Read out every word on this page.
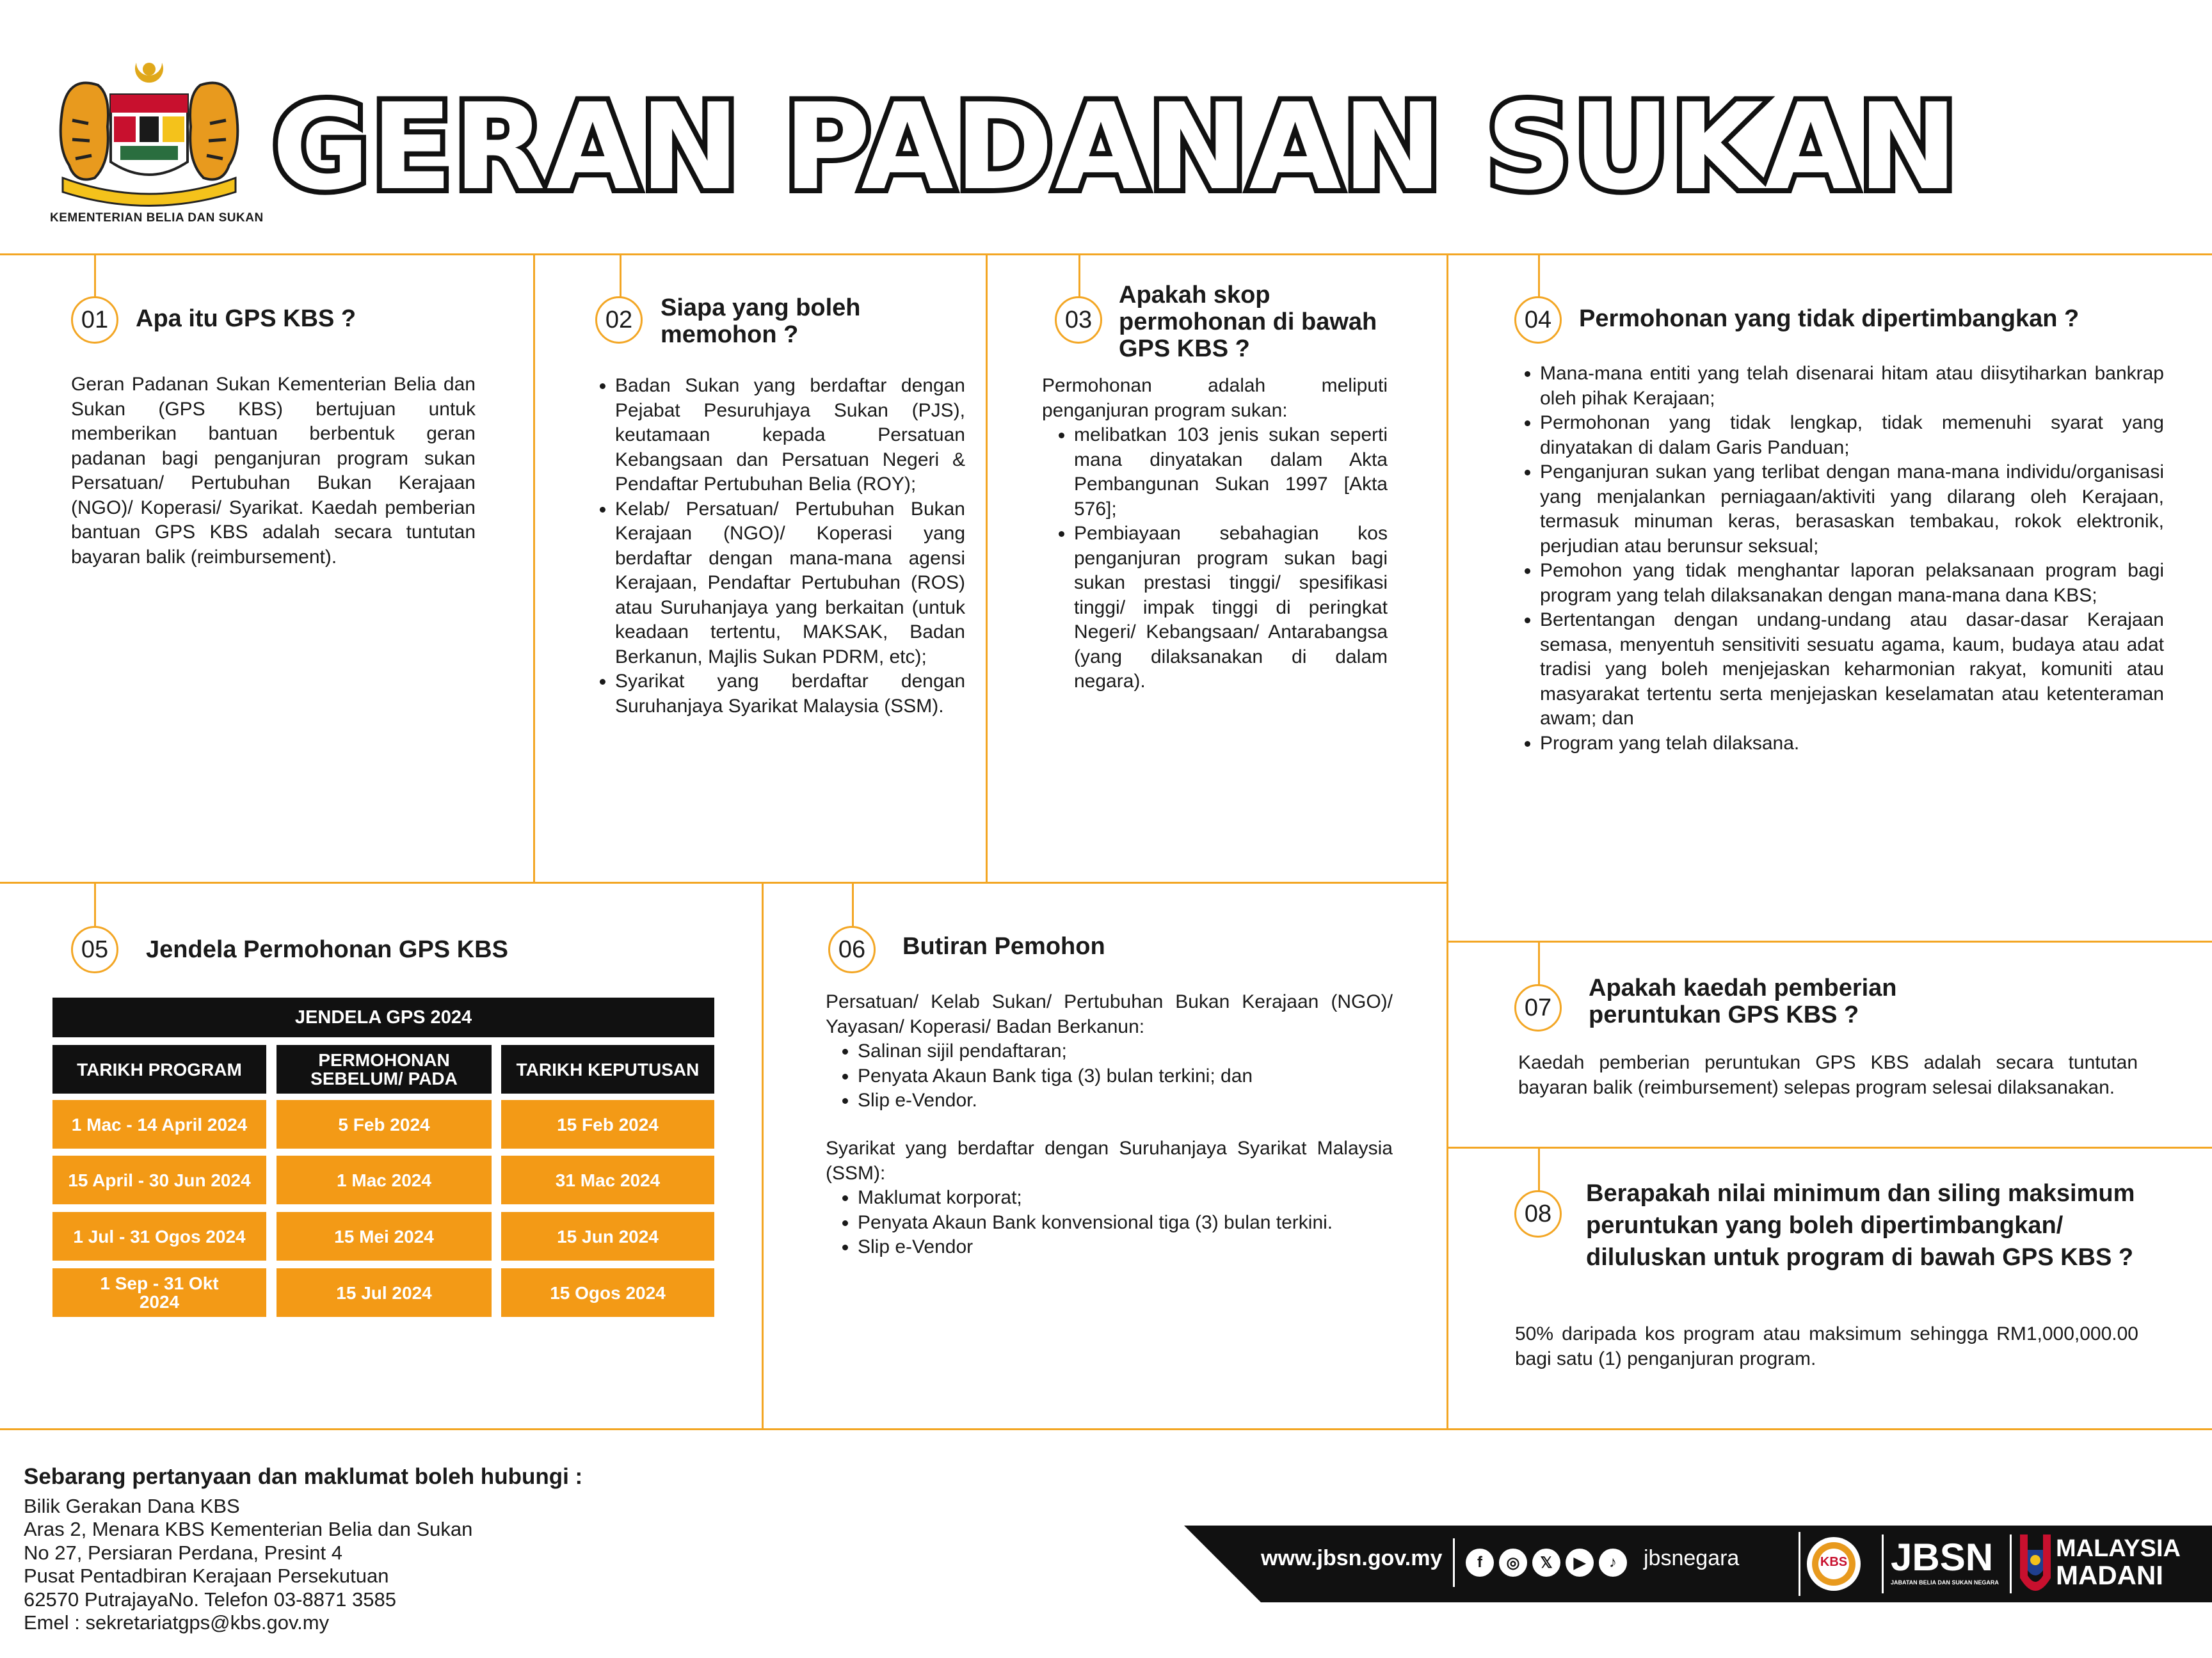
KEMENTERIAN BELIA DAN SUKAN
GERAN PADANAN SUKAN
01	Apa itu GPS KBS ?
Geran Padanan Sukan Kementerian Belia dan Sukan (GPS KBS) bertujuan untuk memberikan bantuan berbentuk geran padanan bagi penganjuran program sukan Persatuan/ Pertubuhan Bukan Kerajaan (NGO)/ Koperasi/ Syarikat. Kaedah pemberian bantuan GPS KBS adalah secara tuntutan bayaran balik (reimbursement).
02	Siapa yang boleh memohon ?
• Badan Sukan yang berdaftar dengan Pejabat Pesuruhjaya Sukan (PJS), keutamaan kepada Persatuan Kebangsaan dan Persatuan Negeri & Pendaftar Pertubuhan Belia (ROY);
• Kelab/ Persatuan/ Pertubuhan Bukan Kerajaan (NGO)/ Koperasi yang berdaftar dengan mana-mana agensi Kerajaan, Pendaftar Pertubuhan (ROS) atau Suruhanjaya yang berkaitan (untuk keadaan tertentu, MAKSAK, Badan Berkanun, Majlis Sukan PDRM, etc);
• Syarikat yang berdaftar dengan Suruhanjaya Syarikat Malaysia (SSM).
03
Apakah skop permohonan di bawah GPS KBS ?
Permohonan adalah meliputi penganjuran program sukan:
• melibatkan 103 jenis sukan seperti mana dinyatakan dalam Akta Pembangunan Sukan 1997 [Akta 576];
• Pembiayaan sebahagian kos penganjuran program sukan bagi sukan prestasi tinggi/ spesifikasi tinggi/ impak tinggi di peringkat Negeri/ Kebangsaan/ Antarabangsa (yang dilaksanakan di dalam negara).
04	Permohonan yang tidak dipertimbangkan ?
• Mana-mana entiti yang telah disenarai hitam atau diisytiharkan bankrap oleh pihak Kerajaan;
• Permohonan yang tidak lengkap, tidak memenuhi syarat yang dinyatakan di dalam Garis Panduan;
• Penganjuran sukan yang terlibat dengan mana-mana individu/organisasi yang menjalankan perniagaan/aktiviti yang dilarang oleh Kerajaan, termasuk minuman keras, berasaskan tembakau, rokok elektronik, perjudian atau berunsur seksual;
• Pemohon yang tidak menghantar laporan pelaksanaan program bagi program yang telah dilaksanakan dengan mana-mana dana KBS;
• Bertentangan dengan undang-undang atau dasar-dasar Kerajaan semasa, menyentuh sensitiviti sesuatu agama, kaum, budaya atau adat tradisi yang boleh menjejaskan keharmonian rakyat, komuniti atau masyarakat tertentu serta menjejaskan keselamatan atau ketenteraman awam; dan
• Program yang telah dilaksana.
05	Jendela Permohonan GPS KBS
JENDELA GPS 2024
TARIKH PROGRAM	PERMOHONAN SEBELUM/ PADA	TARIKH KEPUTUSAN
1 Mac - 14 April 2024	5 Feb 2024	15 Feb 2024
15 April - 30 Jun 2024	1 Mac 2024	31 Mac 2024
1 Jul - 31 Ogos 2024	15 Mei 2024	15 Jun 2024
1 Sep - 31 Okt 2024	15 Jul 2024	15 Ogos 2024
06	Butiran Pemohon
Persatuan/ Kelab Sukan/ Pertubuhan Bukan Kerajaan (NGO)/ Yayasan/ Koperasi/ Badan Berkanun:
• Salinan sijil pendaftaran;
• Penyata Akaun Bank tiga (3) bulan terkini; dan
• Slip e-Vendor.
Syarikat yang berdaftar dengan Suruhanjaya Syarikat Malaysia (SSM):
• Maklumat korporat;
• Penyata Akaun Bank konvensional tiga (3) bulan terkini.
• Slip e-Vendor
07
Apakah kaedah pemberian peruntukan GPS KBS ?
Kaedah pemberian peruntukan GPS KBS adalah secara tuntutan bayaran balik (reimbursement) selepas program selesai dilaksanakan.
08
Berapakah nilai minimum dan siling maksimum peruntukan yang boleh dipertimbangkan/ diluluskan untuk program di bawah GPS KBS ?
50% daripada kos program atau maksimum sehingga RM1,000,000.00 bagi satu (1) penganjuran program.
Sebarang pertanyaan dan maklumat boleh hubungi :
Bilik Gerakan Dana KBS
Aras 2, Menara KBS Kementerian Belia dan Sukan
No 27, Persiaran Perdana, Presint 4
Pusat Pentadbiran Kerajaan Persekutuan
62570 PutrajayaNo. Telefon 03-8871 3585
Emel : sekretariatgps@kbs.gov.my
www.jbsn.gov.my	f	◎	𝕏	▶	♪	jbsnegara	KBS	JBSN
JABATAN BELIA DAN SUKAN NEGARA
MALAYSIA
MADANI
